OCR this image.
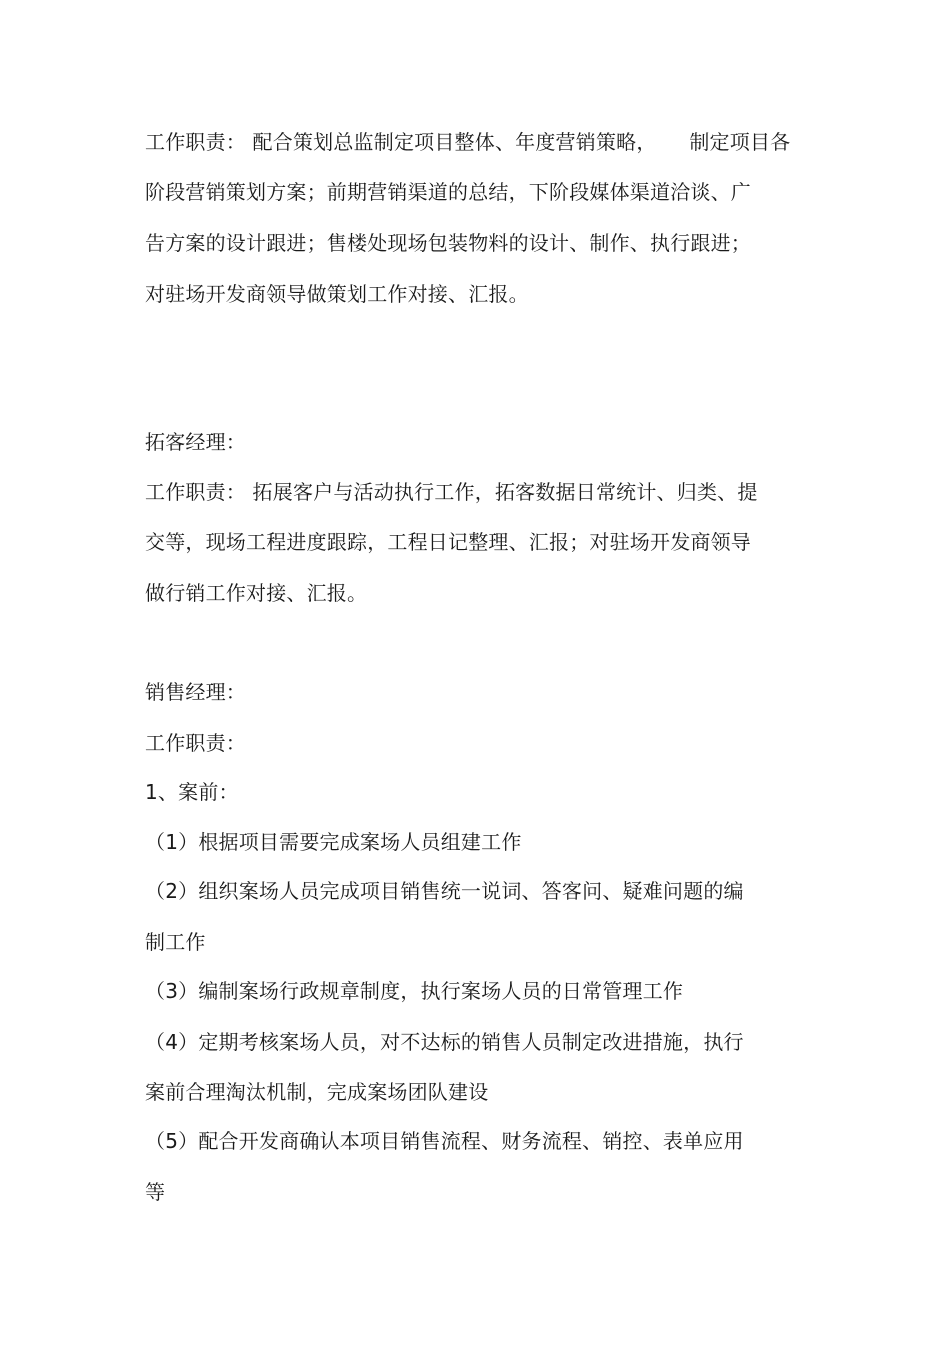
工作职责： 配合策划总监制定项目整体、年度营销策略，     制定项目各
阶段营销策划方案；前期营销渠道的总结，下阶段媒体渠道洽谈、广
告方案的设计跟进；售楼处现场包装物料的设计、制作、执行跟进；
对驻场开发商领导做策划工作对接、汇报。
拓客经理：
工作职责： 拓展客户与活动执行工作，拓客数据日常统计、归类、提
交等，现场工程进度跟踪，工程日记整理、汇报；对驻场开发商领导
做行销工作对接、汇报。
销售经理：
工作职责：
1、案前：
（1）根据项目需要完成案场人员组建工作
（2）组织案场人员完成项目销售统一说词、答客问、疑难问题的编
制工作
（3）编制案场行政规章制度，执行案场人员的日常管理工作
（4）定期考核案场人员，对不达标的销售人员制定改进措施，执行
案前合理淘汰机制，完成案场团队建设
（5）配合开发商确认本项目销售流程、财务流程、销控、表单应用
等
